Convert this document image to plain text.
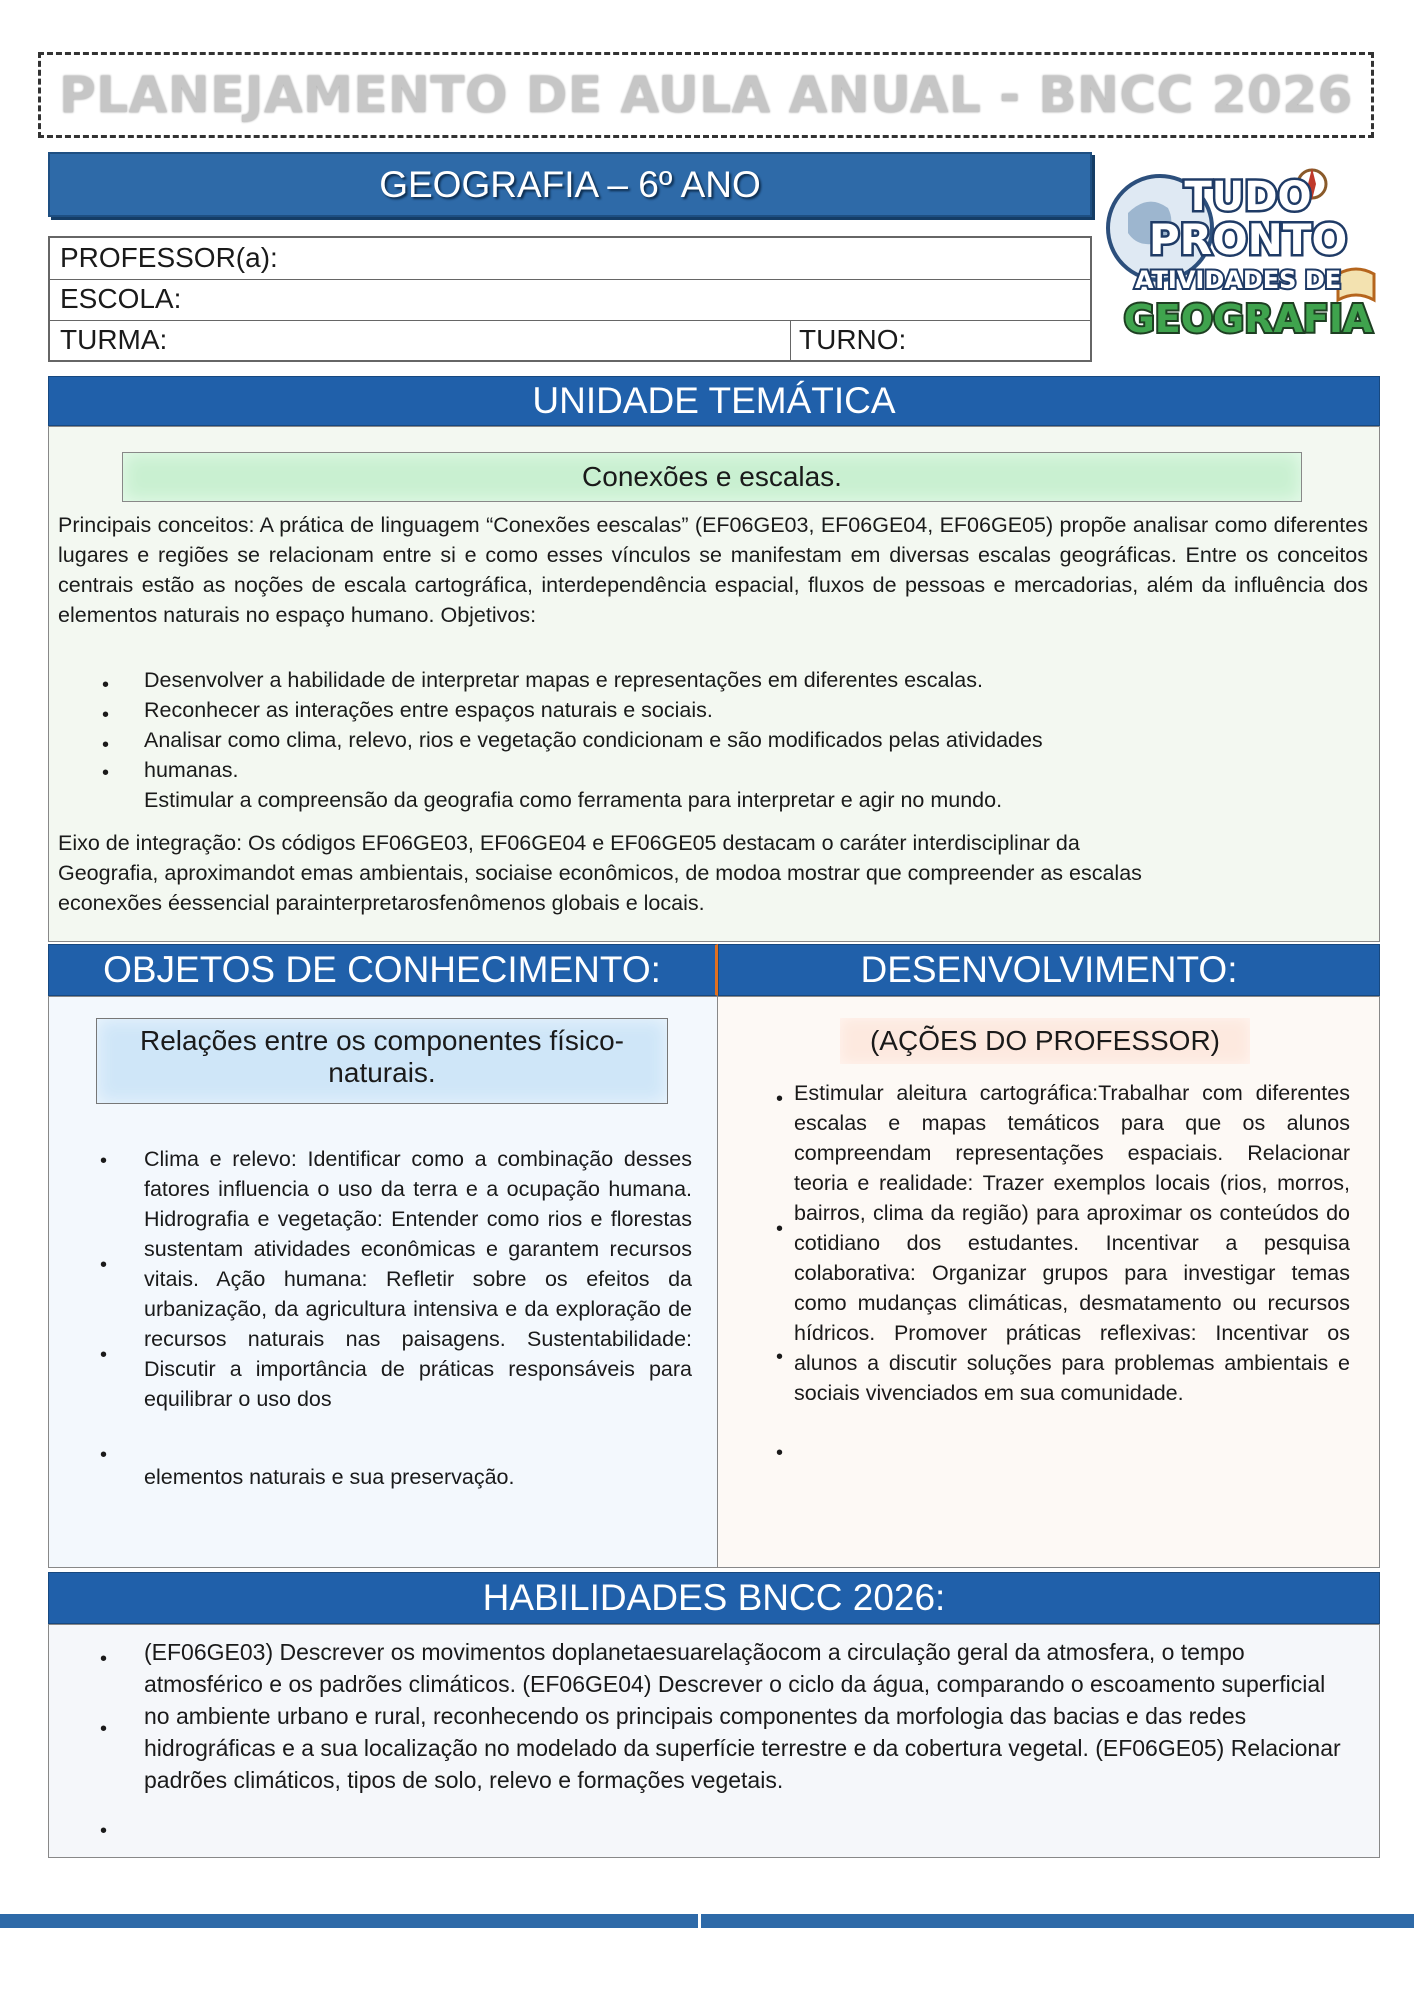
PLANEJAMENTO DE AULA ANUAL - BNCC 2026
GEOGRAFIA – 6º ANO
PROFESSOR(a):
ESCOLA:
TURMA:	TURNO:
TUDO
PRONTO
ATIVIDADES DE
GEOGRAFIA
UNIDADE TEMÁTICA
Conexões e escalas.
Principais conceitos: A prática de linguagem “Conexões eescalas” (EF06GE03, EF06GE04, EF06GE05) propõe analisar como diferentes lugares e regiões se relacionam entre si e como esses vínculos se manifestam em diversas escalas geográficas. Entre os conceitos centrais estão as noções de escala cartográfica, interdependência espacial, fluxos de pessoas e mercadorias, além da influência dos elementos naturais no espaço humano. Objetivos:
•
•
•
•
Desenvolver a habilidade de interpretar mapas e representações em diferentes escalas.
Reconhecer as interações entre espaços naturais e sociais.
Analisar como clima, relevo, rios e vegetação condicionam e são modificados pelas atividades
humanas.
Estimular a compreensão da geografia como ferramenta para interpretar e agir no mundo.
Eixo de integração: Os códigos EF06GE03, EF06GE04 e EF06GE05 destacam o caráter interdisciplinar da
Geografia, aproximandot emas ambientais, sociaise econômicos, de modoa mostrar que compreender as escalas
econexões éessencial parainterpretarosfenômenos globais e locais.
OBJETOS DE CONHECIMENTO:	DESENVOLVIMENTO:
Relações entre os componentes físico-naturais.
•
•
•
•
Clima e relevo: Identificar como a combinação desses fatores influencia o uso da terra e a ocupação humana. Hidrografia e vegetação: Entender como rios e florestas sustentam atividades econômicas e garantem recursos vitais. Ação humana: Refletir sobre os efeitos da urbanização, da agricultura intensiva e da exploração de recursos naturais nas paisagens. Sustentabilidade: Discutir a importância de práticas responsáveis para equilibrar o uso dos
elementos naturais e sua preservação.
(AÇÕES DO PROFESSOR)
•
•
•
•
Estimular aleitura cartográfica:Trabalhar com diferentes escalas e mapas temáticos para que os alunos compreendam representações espaciais. Relacionar teoria e realidade: Trazer exemplos locais (rios, morros, bairros, clima da região) para aproximar os conteúdos do cotidiano dos estudantes. Incentivar a pesquisa colaborativa: Organizar grupos para investigar temas como mudanças climáticas, desmatamento ou recursos hídricos. Promover práticas reflexivas: Incentivar os alunos a discutir soluções para problemas ambientais e sociais vivenciados em sua comunidade.
HABILIDADES BNCC 2026:
•
•
•
(EF06GE03) Descrever os movimentos doplanetaesuarelaçãocom a circulação geral da atmosfera, o tempo atmosférico e os padrões climáticos. (EF06GE04) Descrever o ciclo da água, comparando o escoamento superficial no ambiente urbano e rural, reconhecendo os principais componentes da morfologia das bacias e das redes hidrográficas e a sua localização no modelado da superfície terrestre e da cobertura vegetal. (EF06GE05) Relacionar padrões climáticos, tipos de solo, relevo e formações vegetais.
